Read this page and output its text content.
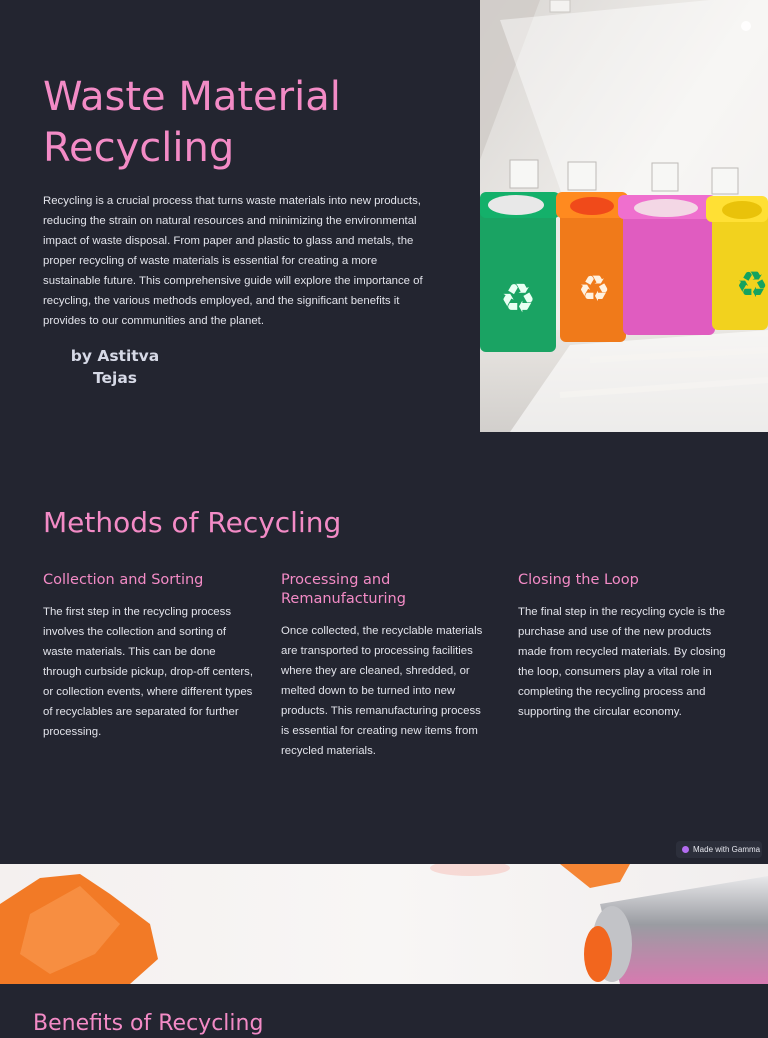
Waste Material Recycling

Recycling is a crucial process that turns waste materials into new products, reducing the strain on natural resources and minimizing the environmental impact of waste disposal. From paper and plastic to glass and metals, the proper recycling of waste materials is essential for creating a more sustainable future. This comprehensive guide will explore the importance of recycling, the various methods employed, and the significant benefits it provides to our communities and the planet.

by Astitva Tejas
♻ ♻	♻
Methods of Recycling
Collection and Sorting

The first step in the recycling process involves the collection and sorting of waste materials. This can be done through curbside pickup, drop-off centers, or collection events, where different types of recyclables are separated for further processing.

Processing and Remanufacturing

Once collected, the recyclable materials are transported to processing facilities where they are cleaned, shredded, or melted down to be turned into new products. This remanufacturing process is essential for creating new items from recycled materials.

Closing the Loop

The final step in the recycling cycle is the purchase and use of the new products made from recycled materials. By closing the loop, consumers play a vital role in completing the recycling process and supporting the circular economy.

Made with Gamma
Benefits of Recycling
